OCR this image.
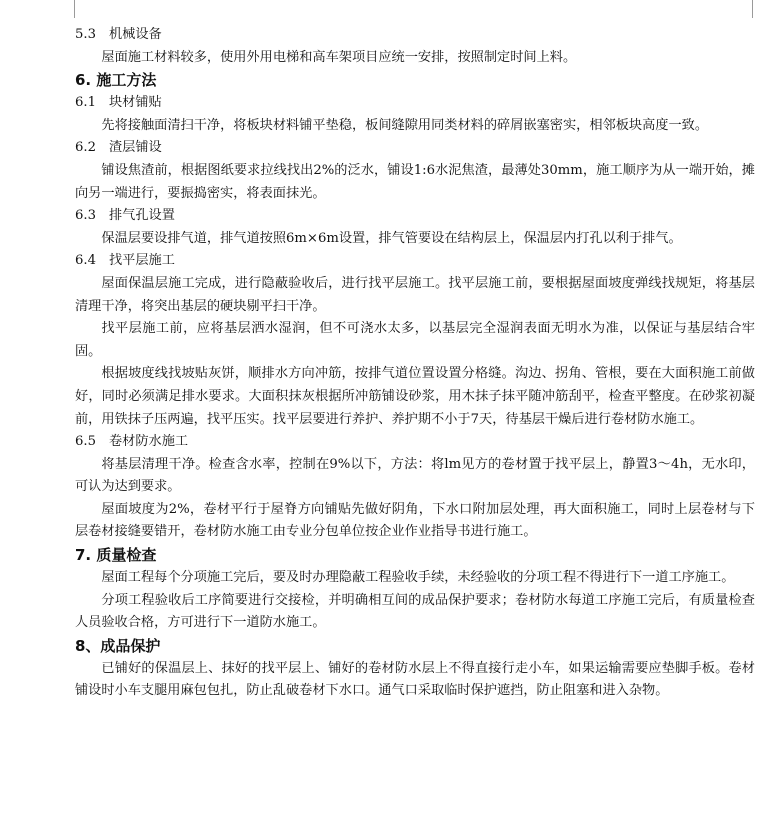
5.3 机械设备

屋面施工材料较多，使用外用电梯和高车架项目应统一安排，按照制定时间上料。

6. 施工方法
6.1 块材铺贴

先将接触面清扫干净，将板块材料铺平垫稳，板间缝隙用同类材料的碎屑嵌塞密实，相邻板块高度一致。

6.2 渣层铺设

铺设焦渣前，根据图纸要求拉线找出2%的泛水，铺设1:6水泥焦渣，最薄处30mm，施工顺序为从一端开始，摊向另一端进行，要振捣密实，将表面抹光。

6.3 排气孔设置

保温层要设排气道，排气道按照6m×6m设置，排气管要设在结构层上，保温层内打孔以利于排气。

6.4 找平层施工

屋面保温层施工完成，进行隐蔽验收后，进行找平层施工。找平层施工前，要根据屋面坡度弹线找规矩，将基层清理干净，将突出基层的硬块剔平扫干净。

找平层施工前，应将基层洒水湿润，但不可浇水太多，以基层完全湿润表面无明水为准，以保证与基层结合牢固。

根据坡度线找坡贴灰饼，顺排水方向冲筋，按排气道位置设置分格缝。沟边、拐角、管根，要在大面积施工前做好，同时必须满足排水要求。大面积抹灰根据所冲筋铺设砂浆，用木抹子抹平随冲筋刮平，检查平整度。在砂浆初凝前，用铁抹子压两遍，找平压实。找平层要进行养护、养护期不小于7天，待基层干燥后进行卷材防水施工。

6.5 卷材防水施工

将基层清理干净。检查含水率，控制在9%以下，方法：将lm见方的卷材置于找平层上，静置3～4h，无水印，可认为达到要求。

屋面坡度为2%，卷材平行于屋脊方向铺贴先做好阴角，下水口附加层处理，再大面积施工，同时上层卷材与下层卷材接缝要错开，卷材防水施工由专业分包单位按企业作业指导书进行施工。

7. 质量检查

屋面工程每个分项施工完后，要及时办理隐蔽工程验收手续，未经验收的分项工程不得进行下一道工序施工。

分项工程验收后工序简要进行交接检，并明确相互间的成品保护要求；卷材防水每道工序施工完后，有质量检查人员验收合格，方可进行下一道防水施工。

8、成品保护

已铺好的保温层上、抹好的找平层上、铺好的卷材防水层上不得直接行走小车，如果运输需要应垫脚手板。卷材铺设时小车支腿用麻包包扎，防止乱破卷材下水口。通气口采取临时保护遮挡，防止阻塞和进入杂物。
